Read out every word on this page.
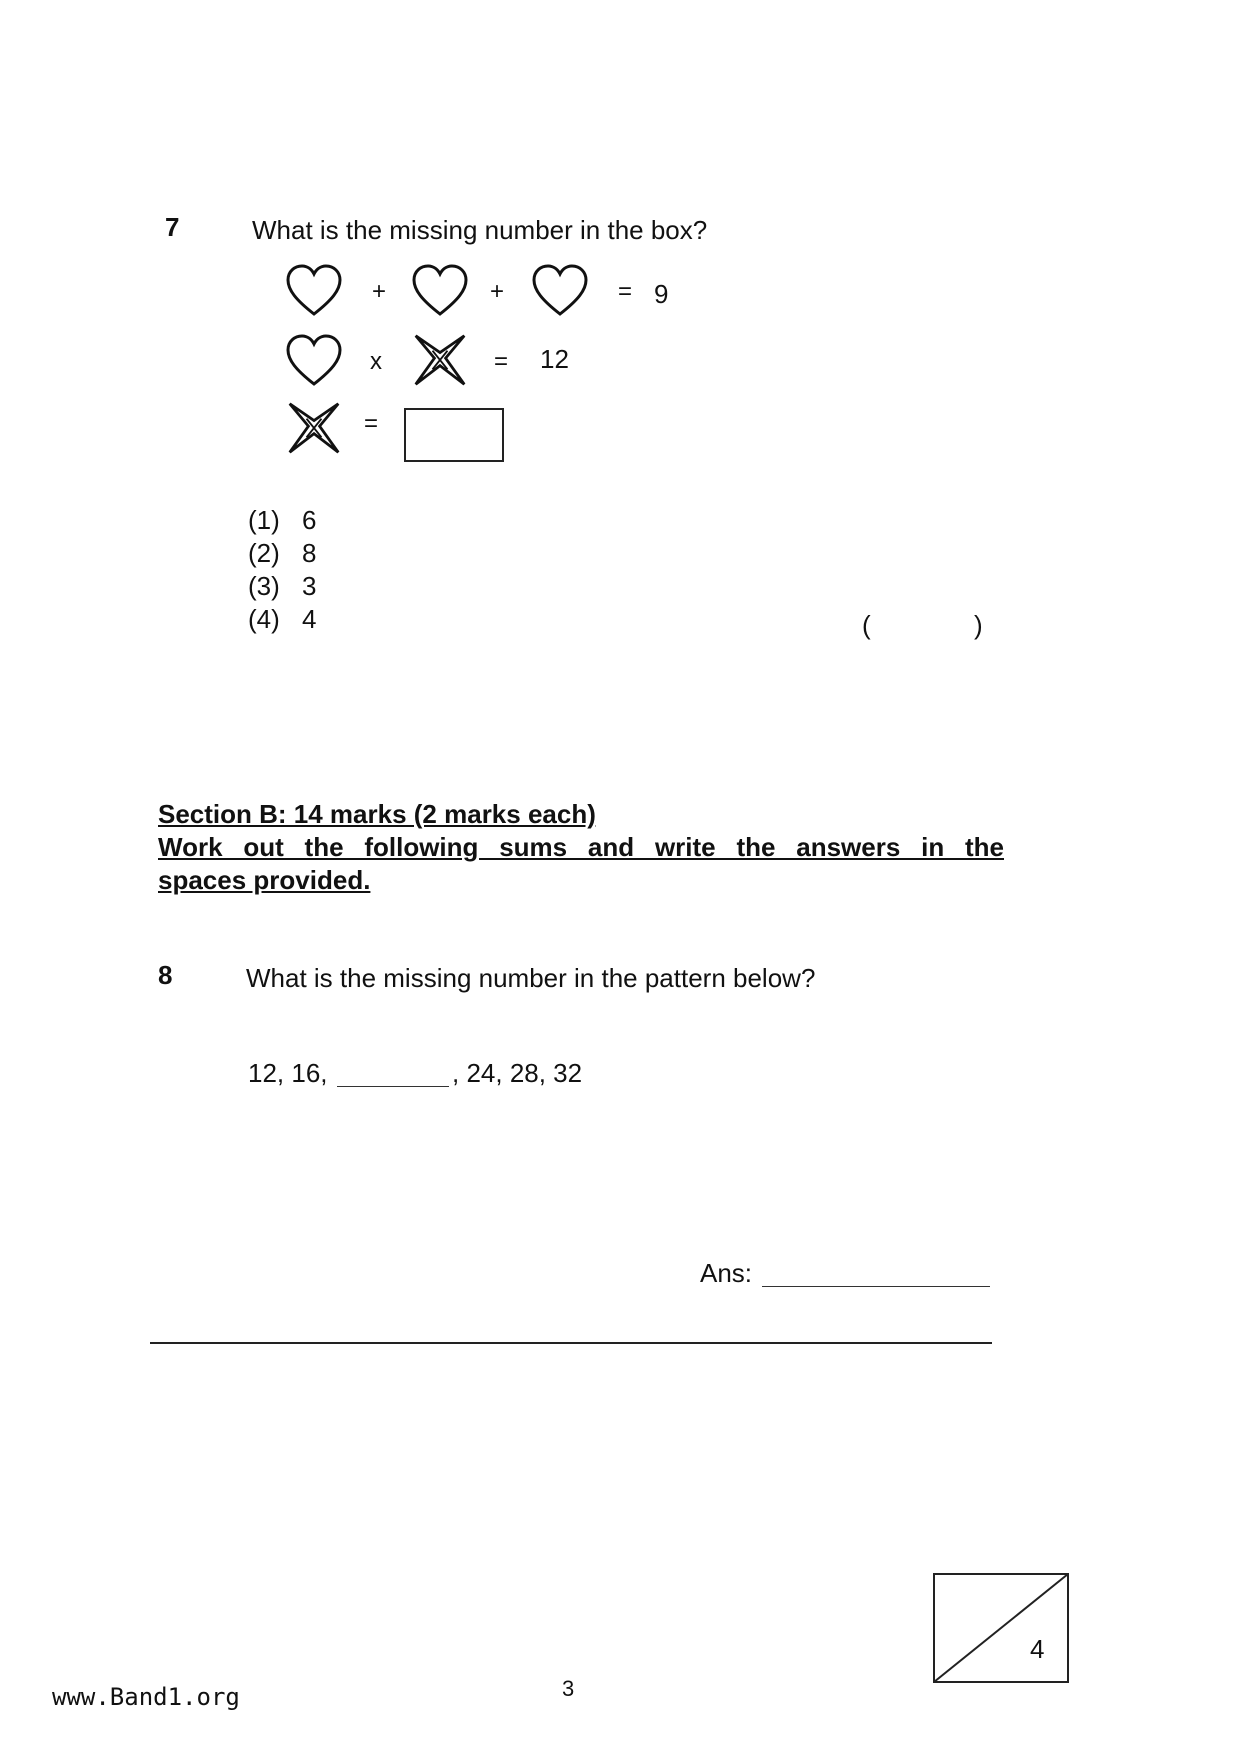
7	What is the missing number in the box?
+	+	= 9
x	= 12
=
(1) 6
(2) 8
(3) 3
(4) 4	(	)
Section B: 14 marks (2 marks each)
Work out the following sums and write the answers in the
spaces provided.
8	What is the missing number in the pattern below?
12, 16,	, 24, 28, 32
Ans:
4
www.Band1.org	3
